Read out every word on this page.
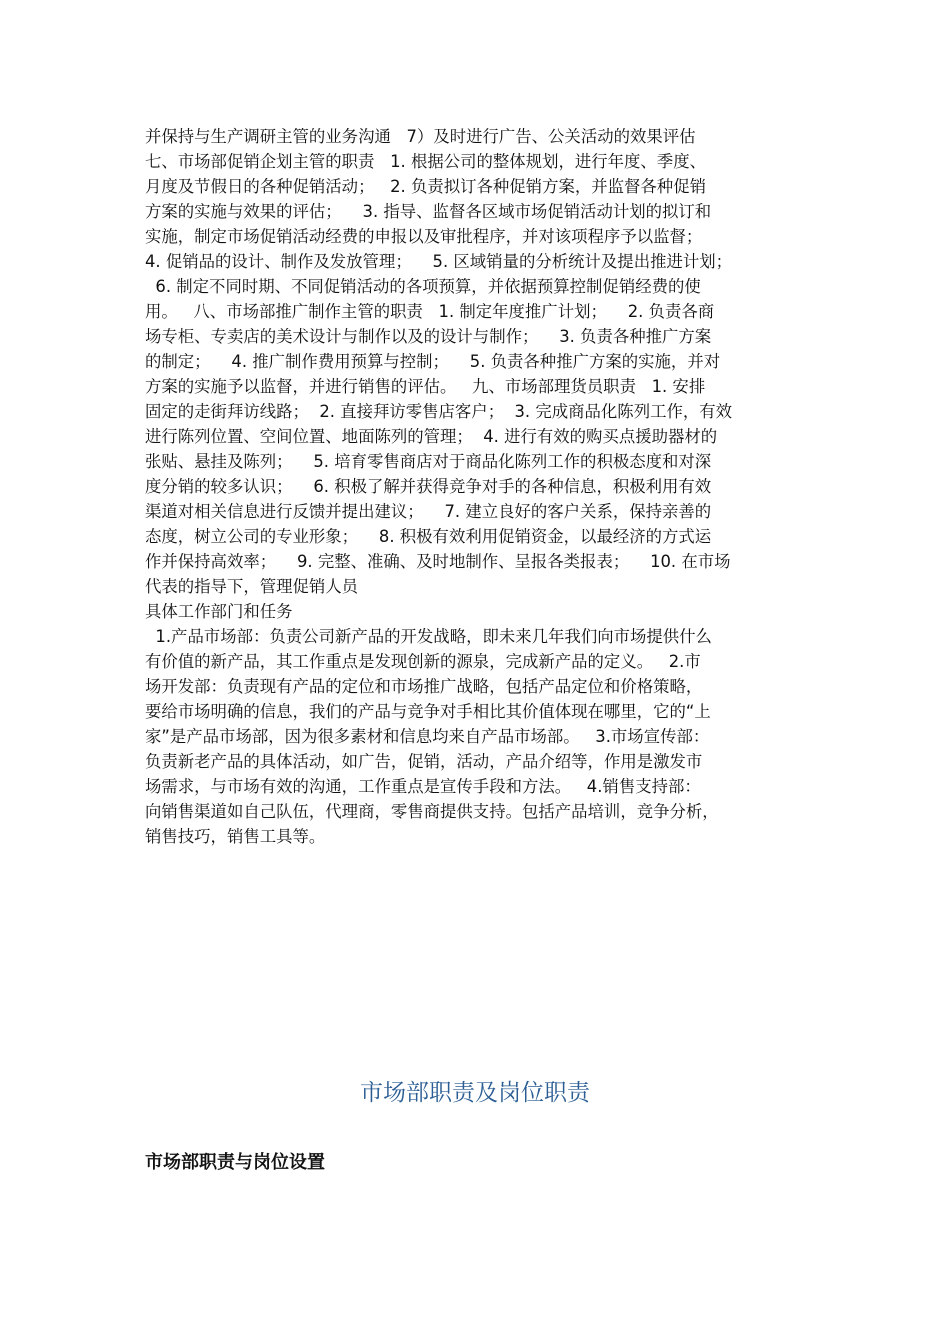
并保持与生产调研主管的业务沟通   7）及时进行广告、公关活动的效果评估
七、市场部促销企划主管的职责   1. 根据公司的整体规划，进行年度、季度、
月度及节假日的各种促销活动；   2. 负责拟订各种促销方案，并监督各种促销
方案的实施与效果的评估；    3. 指导、监督各区域市场促销活动计划的拟订和
实施，制定市场促销活动经费的申报以及审批程序，并对该项程序予以监督；
4. 促销品的设计、制作及发放管理；    5. 区域销量的分析统计及提出推进计划；
6. 制定不同时期、不同促销活动的各项预算，并依据预算控制促销经费的使
用。   八、市场部推广制作主管的职责   1. 制定年度推广计划；    2. 负责各商
场专柜、专卖店的美术设计与制作以及的设计与制作；    3. 负责各种推广方案
的制定；    4. 推广制作费用预算与控制；    5. 负责各种推广方案的实施，并对
方案的实施予以监督，并进行销售的评估。   九、市场部理货员职责   1. 安排
固定的走街拜访线路；  2. 直接拜访零售店客户；  3. 完成商品化陈列工作，有效
进行陈列位置、空间位置、地面陈列的管理；  4. 进行有效的购买点援助器材的
张贴、悬挂及陈列；    5. 培育零售商店对于商品化陈列工作的积极态度和对深
度分销的较多认识；    6. 积极了解并获得竞争对手的各种信息，积极利用有效
渠道对相关信息进行反馈并提出建议；    7. 建立良好的客户关系，保持亲善的
态度，树立公司的专业形象；    8. 积极有效利用促销资金，以最经济的方式运
作并保持高效率；    9. 完整、准确、及时地制作、呈报各类报表；    10. 在市场
代表的指导下，管理促销人员
具体工作部门和任务
1.产品市场部：负责公司新产品的开发战略，即未来几年我们向市场提供什么
有价值的新产品，其工作重点是发现创新的源泉，完成新产品的定义。   2.市
场开发部：负责现有产品的定位和市场推广战略，包括产品定位和价格策略，
要给市场明确的信息，我们的产品与竞争对手相比其价值体现在哪里，它的“上
家”是产品市场部，因为很多素材和信息均来自产品市场部。   3.市场宣传部：
负责新老产品的具体活动，如广告，促销，活动，产品介绍等，作用是激发市
场需求，与市场有效的沟通，工作重点是宣传手段和方法。   4.销售支持部：
向销售渠道如自己队伍，代理商，零售商提供支持。包括产品培训，竞争分析，
销售技巧，销售工具等。
市场部职责及岗位职责
市场部职责与岗位设置
